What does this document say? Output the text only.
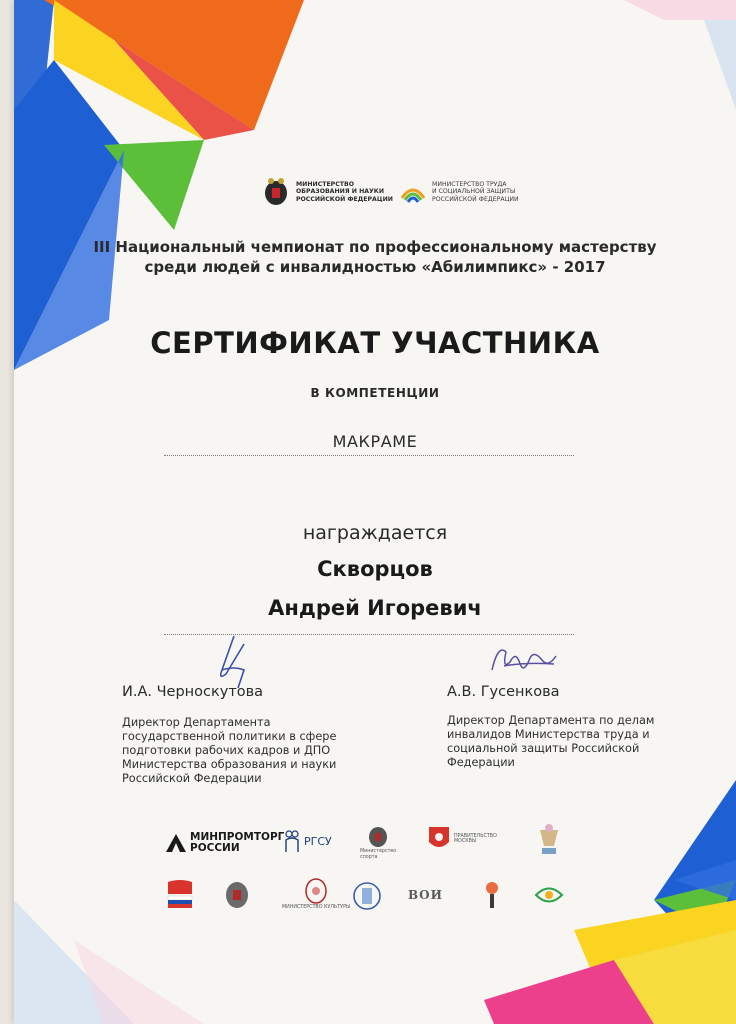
МИНИСТЕРСТВО
ОБРАЗОВАНИЯ И НАУКИ
РОССИЙСКОЙ ФЕДЕРАЦИИ
МИНИСТЕРСТВО ТРУДА
И СОЦИАЛЬНОЙ ЗАЩИТЫ
РОССИЙСКОЙ ФЕДЕРАЦИИ
III Национальный чемпионат по профессиональному мастерству
среди людей с инвалидностью «Абилимпикс» - 2017
СЕРТИФИКАТ УЧАСТНИКА
В КОМПЕТЕНЦИИ
МАКРАМЕ
награждается
Скворцов
Андрей Игоревич
И.А. Черноскутова
Директор Департамента
государственной политики в сфере
подготовки рабочих кадров и ДПО
Министерства образования и науки
Российской Федерации
А.В. Гусенкова
Директор Департамента по делам
инвалидов Министерства труда и
социальной защиты Российской
Федерации
МИНПРОМТОРГ
РОССИИ	РГСУ
Министерство
спорта
ПРАВИТЕЛЬСТВО
МОСКВЫ
МИНИСТЕРСТВО КУЛЬТУРЫ
ВОИ
